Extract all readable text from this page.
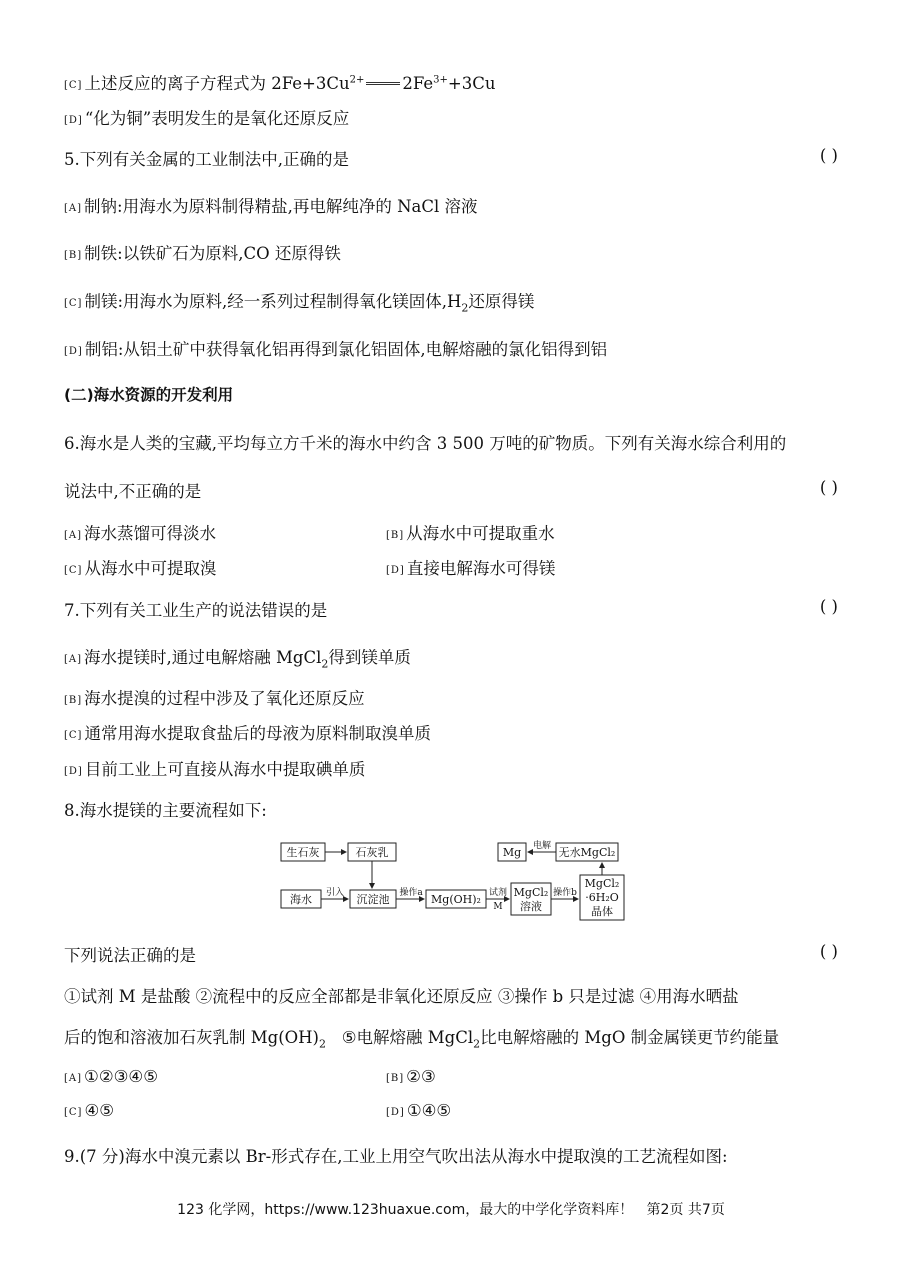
[C] 上述反应的离子方程式为 $2Fe+3Cu^{2+}$ $2Fe^{3+}+3Cu$
[D] “化为铜”表明发生的是氧化还原反应
5.下列有关金属的工业制法中,正确的是	( )
[A] 制钠:用海水为原料制得精盐,再电解纯净的 NaCl 溶液
[B] 制铁:以铁矿石为原料,CO 还原得铁
[C] 制镁:用海水为原料,经一系列过程制得氧化镁固体$,H_2$还原得镁
[D] 制铝:从铝土矿中获得氧化铝再得到氯化铝固体,电解熔融的氯化铝得到铝
(二)海水资源的开发利用
6.海水是人类的宝藏,平均每立方千米的海水中约含 3 500 万吨的矿物质。下列有关海水综合利用的
说法中,不正确的是	( )
[A] 海水蒸馏可得淡水	[B] 从海水中可提取重水
[C] 从海水中可提取溴	[D] 直接电解海水可得镁
7.下列有关工业生产的说法错误的是	( )
[A] 海水提镁时,通过电解熔融 MgCl$_2$得到镁单质
[B] 海水提溴的过程中涉及了氧化还原反应
[C] 通常用海水提取食盐后的母液为原料制取溴单质
[D] 目前工业上可直接从海水中提取碘单质
8.海水提镁的主要流程如下:
生石灰	石灰乳
海水	沉淀池	Mg(OH)₂
MgCl₂
溶液
MgCl₂
·6H₂O
晶体
无水MgCl₂
Mg
引入	操作a	试剂
M
操作b
电解
下列说法正确的是	( )
①试剂 M 是盐酸 ②流程中的反应全部都是非氧化还原反应 ③操作 b 只是过滤 ④用海水晒盐
后的饱和溶液加石灰乳制 $Mg(OH)_2$   ⑤电解熔融 MgCl$_2$比电解熔融的 MgO 制金属镁更节约能量
[A] ①②③④⑤	[B] ②③
[C] ④⑤	[D] ①④⑤
9.(7 分)海水中溴元素以 Br-形式存在,工业上用空气吹出法从海水中提取溴的工艺流程如图:
123 化学网，https://www.123huaxue.com，最大的中学化学资料库！   第2页 共7页
